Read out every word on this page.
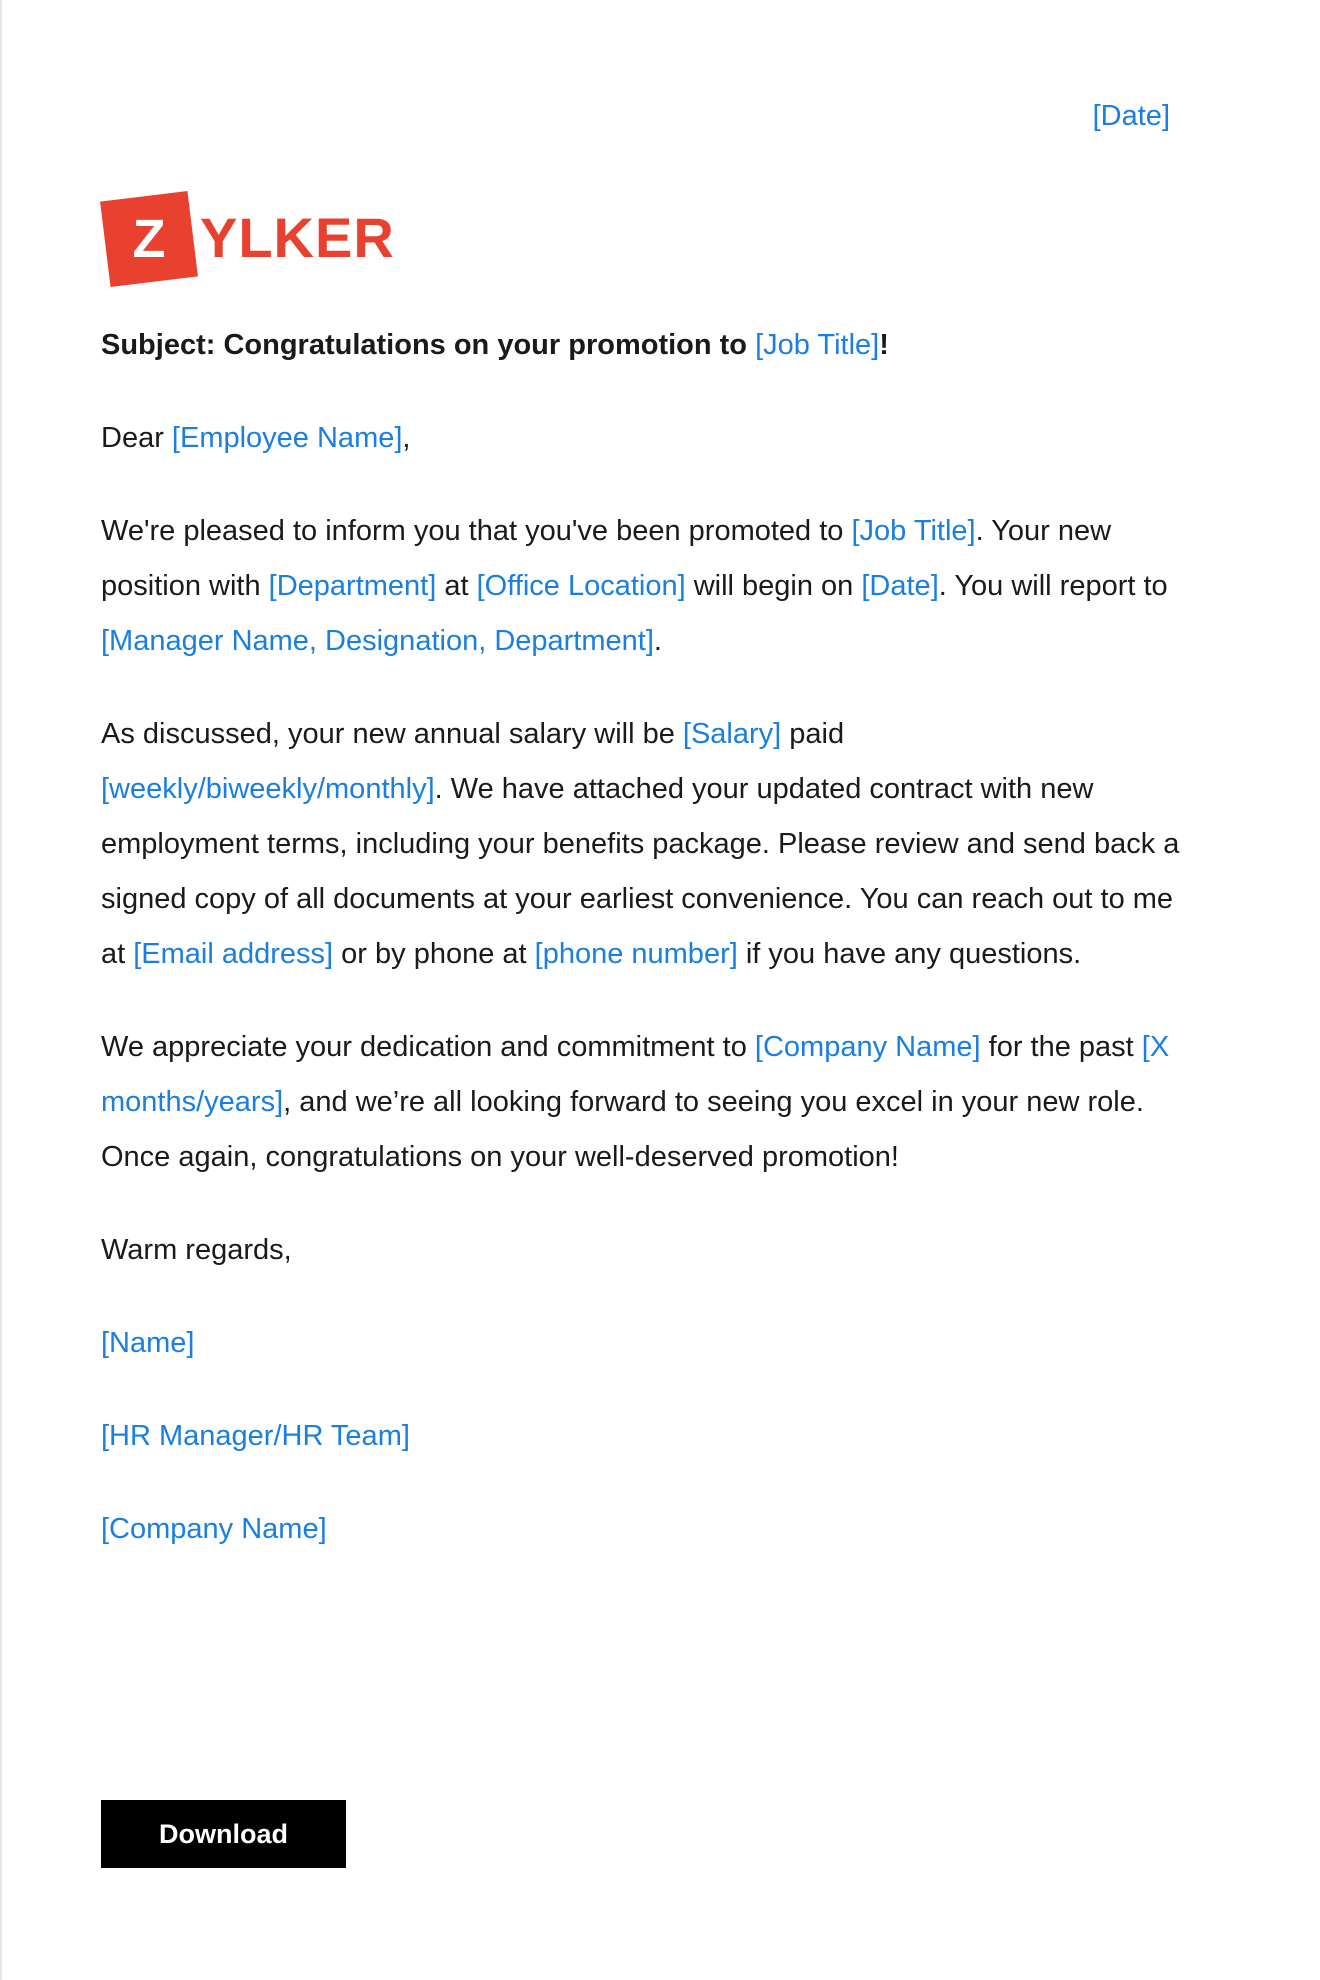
[Date]
Z YLKER

Subject: Congratulations on your promotion to [Job Title]!

Dear [Employee Name],

We're pleased to inform you that you've been promoted to [Job Title]. Your new position with [Department] at [Office Location] will begin on [Date]. You will report to [Manager Name, Designation, Department].

As discussed, your new annual salary will be [Salary] paid [weekly/biweekly/monthly]. We have attached your updated contract with new employment terms, including your benefits package. Please review and send back a signed copy of all documents at your earliest convenience. You can reach out to me at [Email address] or by phone at [phone number] if you have any questions.

We appreciate your dedication and commitment to [Company Name] for the past [X months/years], and we’re all looking forward to seeing you excel in your new role. Once again, congratulations on your well-deserved promotion!

Warm regards,

[Name]

[HR Manager/HR Team]

[Company Name]

Download
